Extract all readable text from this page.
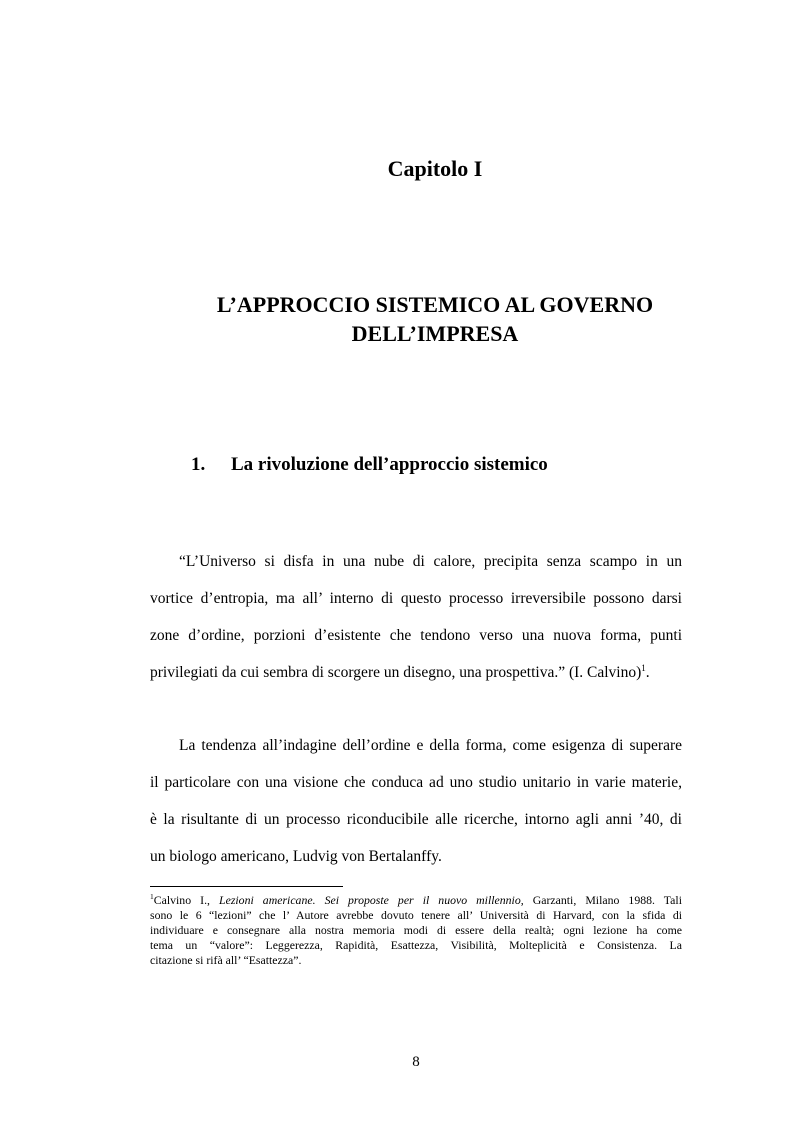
Capitolo I
L’APPROCCIO SISTEMICO AL GOVERNO
DELL’IMPRESA
1. La rivoluzione dell’approccio sistemico
“L’Universo si disfa in una nube di calore, precipita senza scampo in un
vortice d’entropia, ma all’ interno di questo processo irreversibile possono darsi
zone d’ordine, porzioni d’esistente che tendono verso una nuova forma, punti
privilegiati da cui sembra di scorgere un disegno, una prospettiva.” (I. Calvino)$^1$.
La tendenza all’indagine dell’ordine e della forma, come esigenza di superare
il particolare con una visione che conduca ad uno studio unitario in varie materie,
è la risultante di un processo riconducibile alle ricerche, intorno agli anni ’40, di
un biologo americano, Ludvig von Bertalanffy.
$^1$Calvino I., Lezioni americane. Sei proposte per il nuovo millennio, Garzanti, Milano 1988. Tali
sono le 6 “lezioni” che l’ Autore avrebbe dovuto tenere all’ Università di Harvard, con la sfida di
individuare e consegnare alla nostra memoria modi di essere della realtà; ogni lezione ha come
tema un “valore”: Leggerezza, Rapidità, Esattezza, Visibilità, Molteplicità e Consistenza. La
citazione si rifà all’ “Esattezza”.
8
